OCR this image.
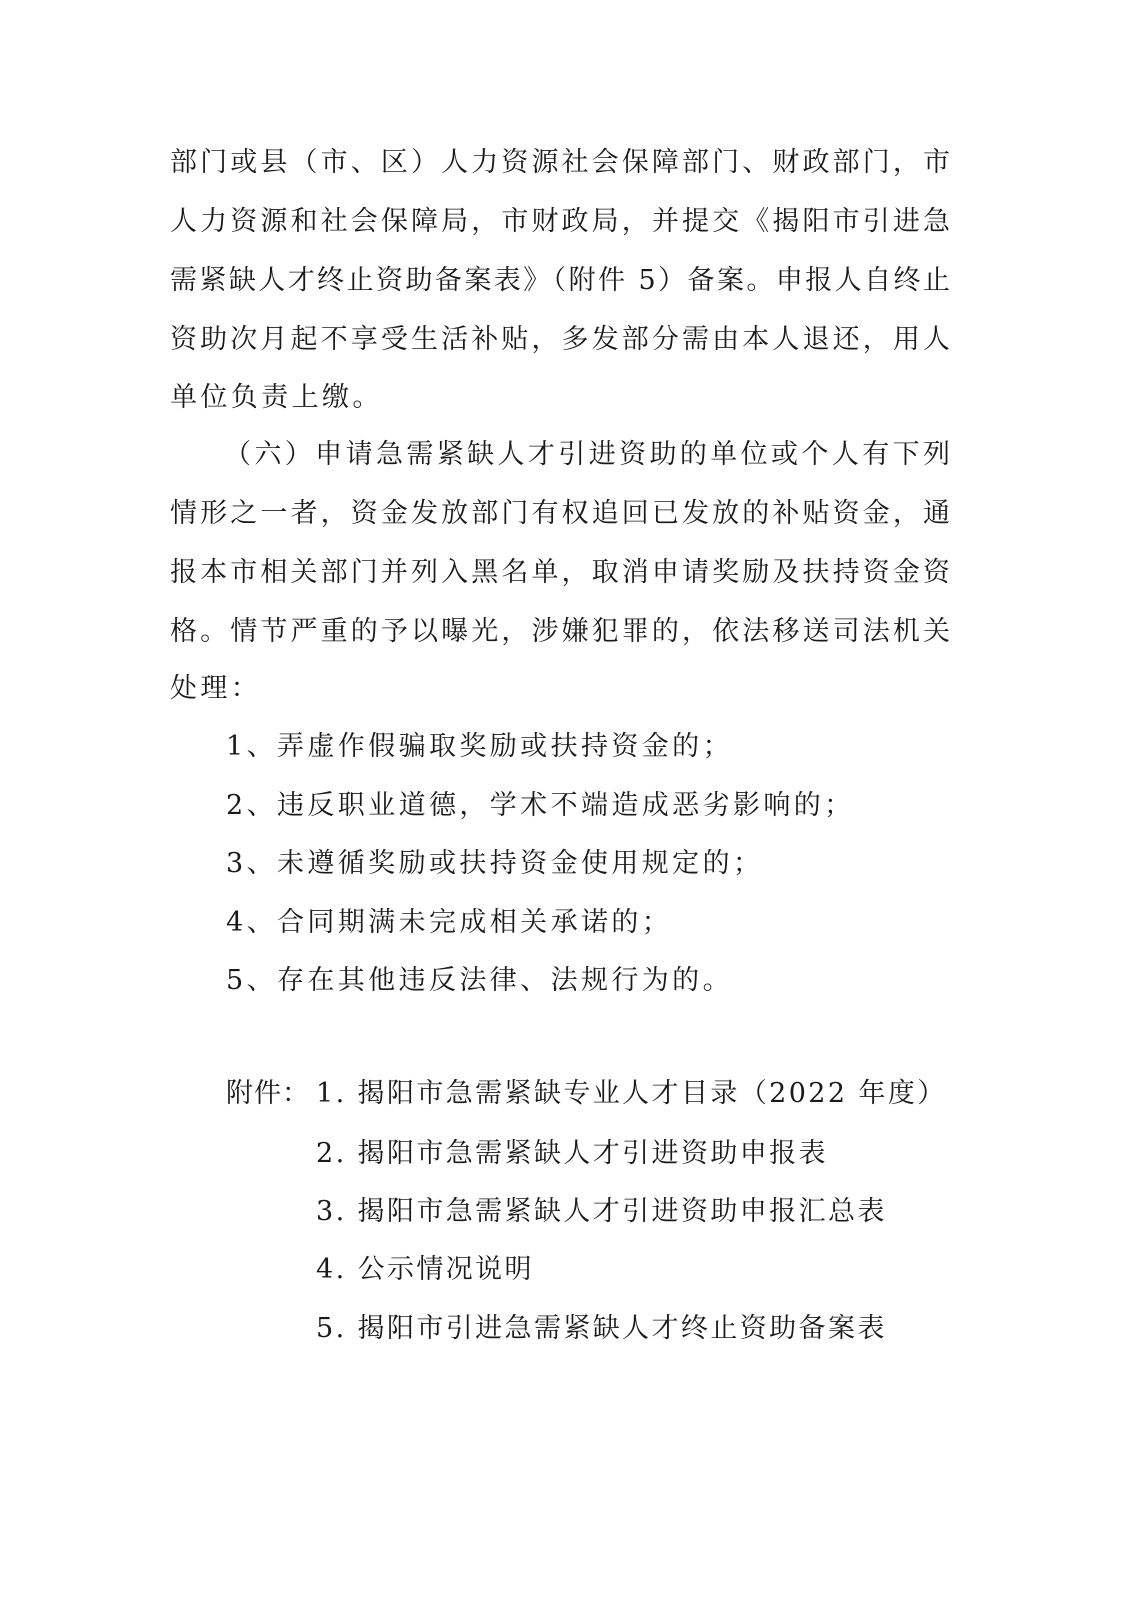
部门或县（市、区）人力资源社会保障部门、财政部门，市
人力资源和社会保障局，市财政局，并提交《揭阳市引进急
需紧缺人才终止资助备案表》（附件 5）备案。申报人自终止
资助次月起不享受生活补贴，多发部分需由本人退还，用人
单位负责上缴。
（六）申请急需紧缺人才引进资助的单位或个人有下列
情形之一者，资金发放部门有权追回已发放的补贴资金，通
报本市相关部门并列入黑名单，取消申请奖励及扶持资金资
格。情节严重的予以曝光，涉嫌犯罪的，依法移送司法机关
处理：
1、弄虚作假骗取奖励或扶持资金的；
2、违反职业道德，学术不端造成恶劣影响的；
3、未遵循奖励或扶持资金使用规定的；
4、合同期满未完成相关承诺的；
5、存在其他违反法律、法规行为的。
附件： 1. 揭阳市急需紧缺专业人才目录（2022 年度）
2. 揭阳市急需紧缺人才引进资助申报表
3. 揭阳市急需紧缺人才引进资助申报汇总表
4. 公示情况说明
5. 揭阳市引进急需紧缺人才终止资助备案表
